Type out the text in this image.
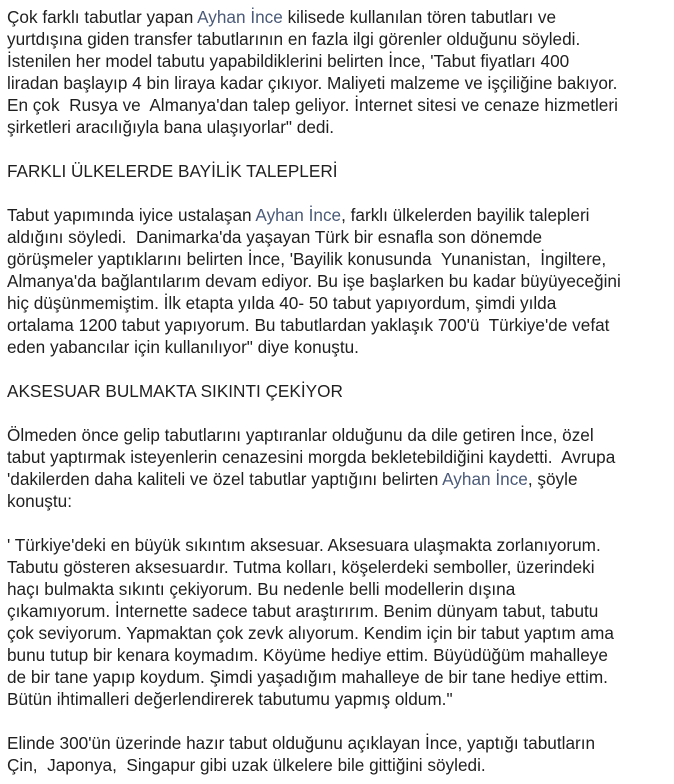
Çok farklı tabutlar yapan Ayhan İnce kilisede kullanılan tören tabutları ve
yurtdışına giden transfer tabutlarının en fazla ilgi görenler olduğunu söyledi.
İstenilen her model tabutu yapabildiklerini belirten İnce, 'Tabut fiyatları 400
liradan başlayıp 4 bin liraya kadar çıkıyor. Maliyeti malzeme ve işçiliğine bakıyor.
En çok  Rusya ve  Almanya'dan talep geliyor. İnternet sitesi ve cenaze hizmetleri
şirketleri aracılığıyla bana ulaşıyorlar" dedi.
FARKLI ÜLKELERDE BAYİLİK TALEPLERİ
Tabut yapımında iyice ustalaşan Ayhan İnce, farklı ülkelerden bayilik talepleri
aldığını söyledi.  Danimarka'da yaşayan Türk bir esnafla son dönemde
görüşmeler yaptıklarını belirten İnce, 'Bayilik konusunda  Yunanistan,  İngiltere,
Almanya'da bağlantılarım devam ediyor. Bu işe başlarken bu kadar büyüyeceğini
hiç düşünmemiştim. İlk etapta yılda 40- 50 tabut yapıyordum, şimdi yılda
ortalama 1200 tabut yapıyorum. Bu tabutlardan yaklaşık 700'ü  Türkiye'de vefat
eden yabancılar için kullanılıyor" diye konuştu.
AKSESUAR BULMAKTA SIKINTI ÇEKİYOR
Ölmeden önce gelip tabutlarını yaptıranlar olduğunu da dile getiren İnce, özel
tabut yaptırmak isteyenlerin cenazesini morgda bekletebildiğini kaydetti.  Avrupa
'dakilerden daha kaliteli ve özel tabutlar yaptığını belirten Ayhan İnce, şöyle
konuştu:
' Türkiye'deki en büyük sıkıntım aksesuar. Aksesuara ulaşmakta zorlanıyorum.
Tabutu gösteren aksesuardır. Tutma kolları, köşelerdeki semboller, üzerindeki
haçı bulmakta sıkıntı çekiyorum. Bu nedenle belli modellerin dışına
çıkamıyorum. İnternette sadece tabut araştırırım. Benim dünyam tabut, tabutu
çok seviyorum. Yapmaktan çok zevk alıyorum. Kendim için bir tabut yaptım ama
bunu tutup bir kenara koymadım. Köyüme hediye ettim. Büyüdüğüm mahalleye
de bir tane yapıp koydum. Şimdi yaşadığım mahalleye de bir tane hediye ettim.
Bütün ihtimalleri değerlendirerek tabutumu yapmış oldum."
Elinde 300'ün üzerinde hazır tabut olduğunu açıklayan İnce, yaptığı tabutların
Çin,  Japonya,  Singapur gibi uzak ülkelere bile gittiğini söyledi.
